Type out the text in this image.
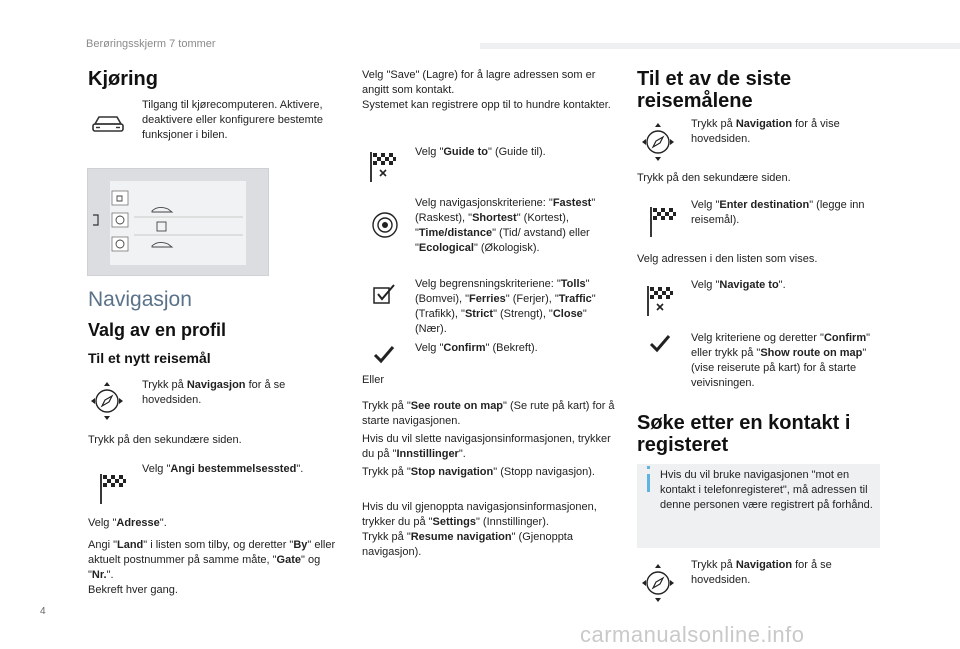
Berøringsskjerm 7 tommer
Kjøring
Tilgang til kjørecomputeren. Aktivere, deaktivere eller konfigurere bestemte funksjoner i bilen.
Navigasjon
Valg av en profil
Til et nytt reisemål
Trykk på Navigasjon for å se hovedsiden.
Trykk på den sekundære siden.
Velg "Angi bestemmelsessted".
Velg "Adresse".
Angi "Land" i listen som tilby, og deretter "By" eller aktuelt postnummer på samme måte, "Gate" og "Nr.".
Bekreft hver gang.
Velg "Save" (Lagre) for å lagre adressen som er angitt som kontakt.
Systemet kan registrere opp til to hundre kontakter.
Velg "Guide to" (Guide til).
Velg navigasjonskriteriene: "Fastest" (Raskest), "Shortest" (Kortest), "Time/distance" (Tid/ avstand) eller "Ecological" (Økologisk).
Velg begrensningskriteriene: "Tolls" (Bomvei), "Ferries" (Ferjer), "Traffic" (Trafikk), "Strict" (Strengt), "Close" (Nær).
Velg "Confirm" (Bekreft).
Eller
Trykk på "See route on map" (Se rute på kart) for å starte navigasjonen.
Hvis du vil slette navigasjonsinformasjonen, trykker du på "Innstillinger".
Trykk på "Stop navigation" (Stopp navigasjon).
Hvis du vil gjenoppta navigasjonsinformasjonen, trykker du på "Settings" (Innstillinger).
Trykk på "Resume navigation" (Gjenoppta navigasjon).
Til et av de siste reisemålene
Trykk på Navigation for å vise hovedsiden.
Trykk på den sekundære siden.
Velg "Enter destination" (legge inn reisemål).
Velg adressen i den listen som vises.
Velg "Navigate to".
Velg kriteriene og deretter "Confirm" eller trykk på "Show route on map" (vise reiserute på kart) for å starte veivisningen.
Søke etter en kontakt i registeret
Hvis du vil bruke navigasjonen "mot en kontakt i telefonregisteret", må adressen til denne personen være registrert på forhånd.
Trykk på Navigation for å se hovedsiden.
4
carmanualsonline.info
